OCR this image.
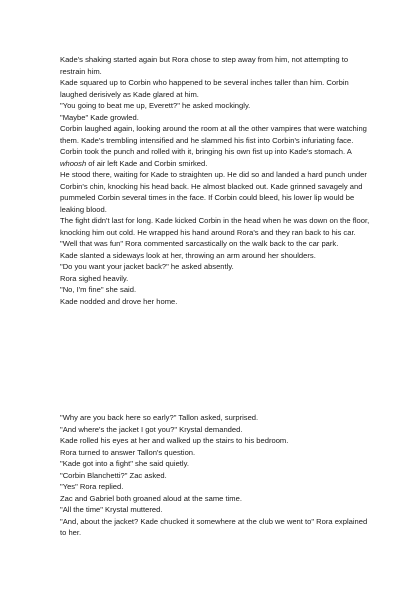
Kade's shaking started again but Rora chose to step away from him, not attempting to restrain him.

Kade squared up to Corbin who happened to be several inches taller than him. Corbin laughed derisively as Kade glared at him.

"You going to beat me up, Everett?" he asked mockingly.

"Maybe" Kade growled.

Corbin laughed again, looking around the room at all the other vampires that were watching them. Kade's trembling intensified and he slammed his fist into Corbin's infuriating face. Corbin took the punch and rolled with it, bringing his own fist up into Kade's stomach. A whoosh of air left Kade and Corbin smirked.

He stood there, waiting for Kade to straighten up. He did so and landed a hard punch under Corbin's chin, knocking his head back. He almost blacked out. Kade grinned savagely and pummeled Corbin several times in the face. If Corbin could bleed, his lower lip would be leaking blood.

The fight didn't last for long. Kade kicked Corbin in the head when he was down on the floor, knocking him out cold. He wrapped his hand around Rora's and they ran back to his car.

"Well that was fun" Rora commented sarcastically on the walk back to the car park.

Kade slanted a sideways look at her, throwing an arm around her shoulders.

"Do you want your jacket back?" he asked absently.

Rora sighed heavily.

"No, I'm fine" she said.

Kade nodded and drove her home.

"Why are you back here so early?" Tallon asked, surprised.

"And where's the jacket I got you?" Krystal demanded.

Kade rolled his eyes at her and walked up the stairs to his bedroom.

Rora turned to answer Tallon's question.

"Kade got into a fight" she said quietly.

"Corbin Blanchetti?" Zac asked.

"Yes" Rora replied.

Zac and Gabriel both groaned aloud at the same time.

"All the time" Krystal muttered.

"And, about the jacket? Kade chucked it somewhere at the club we went to" Rora explained to her.
